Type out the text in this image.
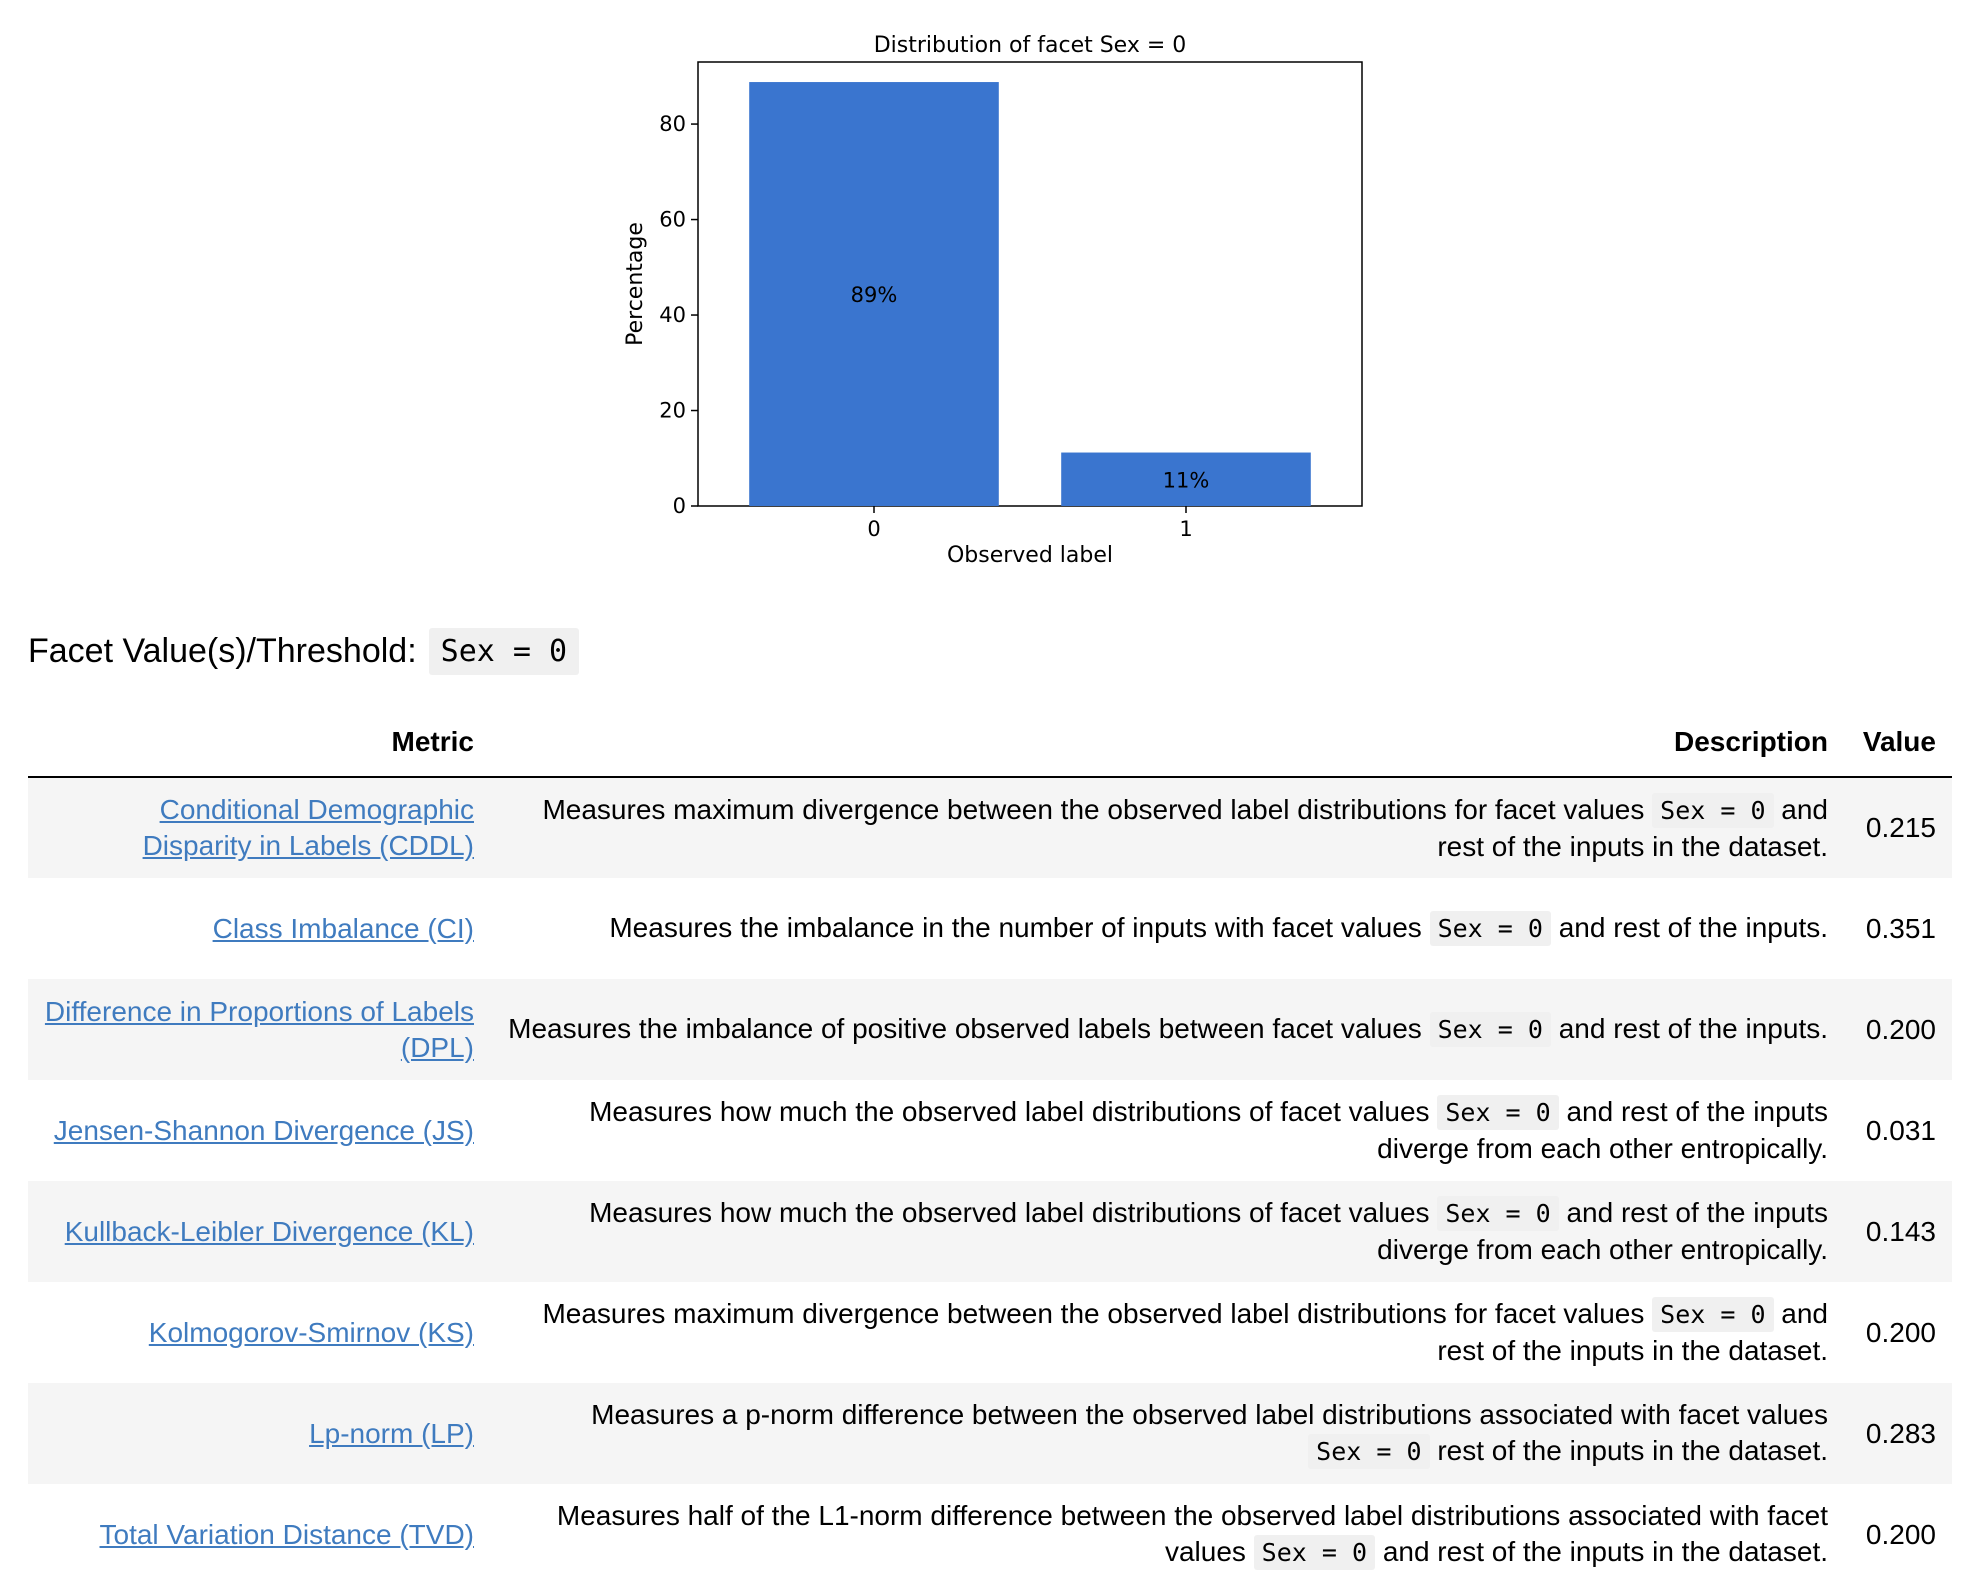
Distribution of facet Sex = 0
89%
11%
0
20
40
60
80
0	1
Observed label
Percentage
Facet Value(s)/Threshold: Sex = 0
Metric	Description	Value
Conditional Demographic Disparity in Labels (CDDL)	Measures maximum divergence between the observed label distributions for facet values Sex = 0 and rest of the inputs in the dataset.	0.215
Class Imbalance (CI)	Measures the imbalance in the number of inputs with facet values Sex = 0 and rest of the inputs.	0.351
Difference in Proportions of Labels (DPL)	Measures the imbalance of positive observed labels between facet values Sex = 0 and rest of the inputs.	0.200
Jensen-Shannon Divergence (JS)	Measures how much the observed label distributions of facet values Sex = 0 and rest of the inputs diverge from each other entropically.	0.031
Kullback-Leibler Divergence (KL)	Measures how much the observed label distributions of facet values Sex = 0 and rest of the inputs diverge from each other entropically.	0.143
Kolmogorov-Smirnov (KS)	Measures maximum divergence between the observed label distributions for facet values Sex = 0 and rest of the inputs in the dataset.	0.200
Lp-norm (LP)	Measures a p-norm difference between the observed label distributions associated with facet values Sex = 0 rest of the inputs in the dataset.	0.283
Total Variation Distance (TVD)	Measures half of the L1-norm difference between the observed label distributions associated with facet values Sex = 0 and rest of the inputs in the dataset.	0.200
